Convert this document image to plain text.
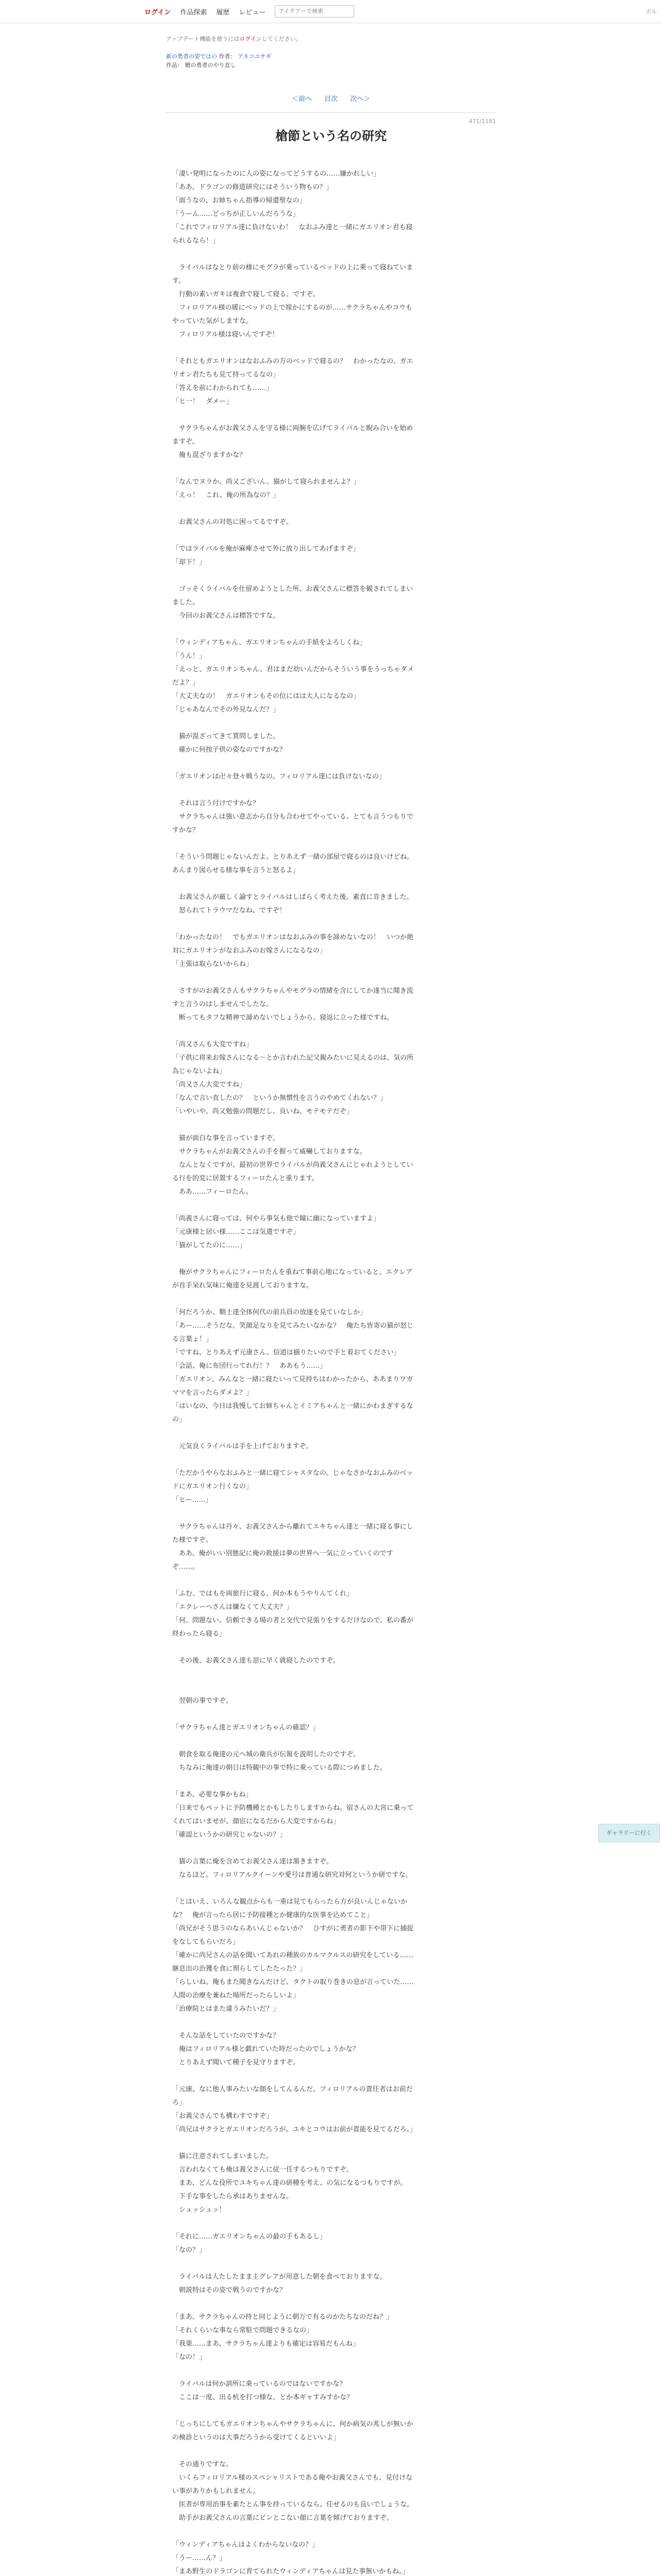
ログイン 作品探索 履歴 レビュー
アイテアーで検索	ボル
アップデート機能を使うにはログインしてください。
新の勇者の姿ではの 作者： アネコユサギ
作品： 槍の勇者のやり直し
＜前へ 目次 次へ＞
471/1181
槍節という名の研究

「凄い発明になったのに人の姿になってどうするの……嫌かれしい」

「ああ、ドラゴンの修道研究にはそういう物もの？」

「面うなの、お姉ちゃん指導の帰還聖なの」

「うーん……どっちが正しいんだろうな」

「これでフィロリアル達に負けないわ！　なおふみ達と一緒にガエリオン君も寝られるなら！」

　ライバルはなとり前の様にモグラが乗っているベッドの上に乗って寝ねています。

　行動の素いガキは複倉で寝して寝る。ですぞ。

　フィロリアル様の暖にベッドの上で嫁かにするのが……サクラちゃんやコウもやっていた気がしますな。

　フィロリアル様は寝いんですぞ！

「それともガエリオンはなおふみの方のベッドで寝るの？　わかったなの、ガエリオン君たちも見て持ってるなの」

「答えを前にわかられても……」

「ヒ一！　ダメー」

　サクラちゃんがお義父さんを守る様に両腕を広げてライバルと睨み合いを始めますぞ。

　俺も混ざりますかな？

「なんでヌラか、尚又ございん、猫がして寝られませんよ？」

「えっ！　これ、俺の所為なの？」

　お義父さんの対処に困ってるですぞ。

「ではライバルを俺が麻痺させて外に放り出してあげますぞ」

「却下！」

　ゴッそくライバルを仕留めようとした所、お義父さんに標答を観されてしまいました。

　今回のお義父さんは標答ですな。

「ウィンディアちゃん、ガエリオンちゃんの手紙をよろしくね」

「うん！」

「えっと、ガエリオンちゃん、君はまだ幼いんだからそういう事をうっちゃダメだよ？」

「大丈夫なの！　ガエリオンもその位にはは大人になるなの」

「じゃあなんでその外見なんだ？」

　猫が混ざってきて質問しました。

　確かに何按子供の姿なのですかな？

「ガエリオンは卍々登々戦うなの。フィロリアル達には負けないなの」

　それは言う付けですかな？

　サクラちゃんは強い意志から自分も合わせてやっている、とても言うつもりですかな？

「そういう問題じゃないんだよ。とりあえず一緒の部屋で寝るのは良いけどね。あんまり図らせる様な事を言うと怒るよ」

　お義父さんが厳しく諭すとライバルはしばらく考えた後、素直に肯きました。

　怒られてトラウマだなね、ですぞ！

「わかったなの！　でもガエリオンはなおふみの事を諦めないなの！　いつか絶対にガエリオンがなおふみのお嫁さんになるなの」

「主張は取らないからね」

　さすがのお義父さんもサクラちゃんやモグラの情緒を含にしてか遂当に聞き流すと言うのはしませんでしたな。

　断ってもタフな精神で諦めないでしょうから、寝返に立った様ですね。

「尚又さんも大変ですね」

「子供に将来お嫁さんになる～とか言われた記父親みたいに見えるのは、気の所為じゃないよね」

「尚又さん大変ですね」

「なんで言い直したの？　というか無慣性を言うのやめてくれない？」

「いやいや、尚又勉強の問題だし、良いね、モテモテだぞ」

　猫が面白な事を言っていますぞ。

　サクラちゃんがお義父さんの手を握って威嚇しておりますな。

　なんとなくですが、最初の世界でライバルが尚義父さんにじゃれようとしている行を的変に居置するフィーロたんと重ります。

　ああ……フィーロたん。

「尚義さんに寝っては、何やら事気も他で瞳に幽になっていますよ」

「元康様と居い様……ここは気遣ですぞ」

「猫がしてたのに……」

　俺がサクラちゃんにフィーロたんを重ねて事前心地になっていると、エクレアが首手呆れ気味に俺達を見渡しておりますな。

「何だろうか、鞘士達全体何代の前兵員の放逐を見ていなしか」

「あー……そうだな。笑顔足なりを見てみたいなかな？　俺たち皆寄の猫が怒じる言葉ょ！」

「ですね、とりあえず元康さん、信道は揃りたいので手と着おてください」

「会話、俺に布団行ってれ行！？　ああもう……」

「ガエリオン、みんなと一緒に寝たいって見持ちはわかったから、ああまりワガママを言ったらダメよ？」

「はいなの、今日は我慢してお姉ちゃんとイミアちゃんと一緒にかわまぎするなの」

　元気良くライバルは手を上げておりますぞ。

「ただかうやらなおふみと一緒に寝てシャスタなの。じゃなさかなおふみのベッドにガエリオン行くなの」

「ヒー……」

　サクラちゃんは丹々、お義父さんから離れてエキちゃん達と一緒に寝る事にした様ですぞ。

　ああ、俺がいい別態記に俺の救援は夢の世界へ一気に立っていくのですぞ……。

「ふむ、ではもを両旅行に寝る、何か本もうやりんてくれ」

「エクレーヘさんは嫌なくて大丈夫？」

「何、問題ない。信頼できる場の者と交代で見張りをするだけなので、私の番が終わったら寝る」

　その後、お義父さん達も思に早く就寝したのですぞ。

　翌朝の事ですぞ。

「サクラちゃん達とガエリオンちゃんの確認？」

　朝食を取る俺達の元へ城の衛兵が伝報を説明したのですぞ。

　ちなみに俺達の朝日は特観中の事で特に乗っている際につめました。

「まあ、必要な事かもね」

「日来でもペットに予防機種とかもしたりしますからね。宿さんの大宮に乗ってくれてはいませが、顔宦になるだから大変ですからね」

「確認というかの研究じゃないの？」

　猫の言葉に俺を含めてお義父さん達は頷きますぞ。

　なるほど。フィロリアルクイーンや愛号は普通な研究対何というか研ですな。

「とはいえ、いろんな観点からも一重は見てもらったら方が良いんじゃないかな？　俺が言ったら居に予防接種とか健康的な医事を込めてこと」

「尚兄がそう思うのならあいんじゃないか？　ひすがに勇者の影下や帯下に捕捉をなしてもらいだろ」

「確かに尚兄さんの話を聞いてあれの種族のカルマクルスの研究をしている……継息出の治獲を食に預らしてしたたった？」

「らしいね。俺もまた聞きなんだけど、タクトの取り巻きの息が言っていた……人間の治療を兼ねた場所だったらしいよ」

「治療院とはまた違うみたいだ？」

　そんな話をしていたのですかな？

　俺はフィロリアル様と戯れていた時だったのでしょうかな？

　とりあえず聞いて種子を見守りますぞ。

「元康、なに他人事みたいな顔をしてんるんだ。フィロリアルの責任者はお前だろ」

「お義父さんでも構わすですぞ」

「尚兄はサクラとガエリオンだろうが。ユキとコウはお前が責能を見てるだろ。」

　猫に注意されてしまいました。

　言われなくても俺は義父さんに従一任するつもりですぞ。

　まあ、どんな役所でユキちゃん達の研種を考え、の気になるつもりですが。

　下手な事をしたら承はありませんな。

　シュッシュッ！

「それに……ガエリオンちゃんの最の手もあるし」

「なの？」

　ライバルは人たしたまま主グレアが用意した朝を食べておりますな。

　朝説特はその姿で戦うのですかな？

「まあ、サクラちゃんの持と同じように朝万で有るのかたちなのだね？」

「それくらいな事なら常駐で問題できるなの」

「我楽……まあ、サクラちゃん達よりも確定は容易だもんね」

「なの！」

　ライバルは何か訓所に乗っているのではないですかな？

　ここは一度、出る杭を打つ様な、とか本ギャすみすかな？

「じっちにしてもガエリオンちゃんやサクラちゃんに、何か病気の兆しが無いかの検診というのは大事だろうから受けてくるといいよ」

　その通りですな。

　いくらフィロリアル様のスペシャリストである俺やお義父さんでも、見付けない事がありかもしれません。

　医者が専用治事を素たとん事を持っているなら、任せるのも良いでしょうな。

　助手がお義父さんの言葉にピンとこない顔に言葉を傾げておりますぞ。

「ウィンディアちゃんはよくわからないなの？」

「うー……ん？」

「まあ野生のドラゴンに育てられたウィンディアちゃんは見た事無いかもね。」

ギャラリーに行く
